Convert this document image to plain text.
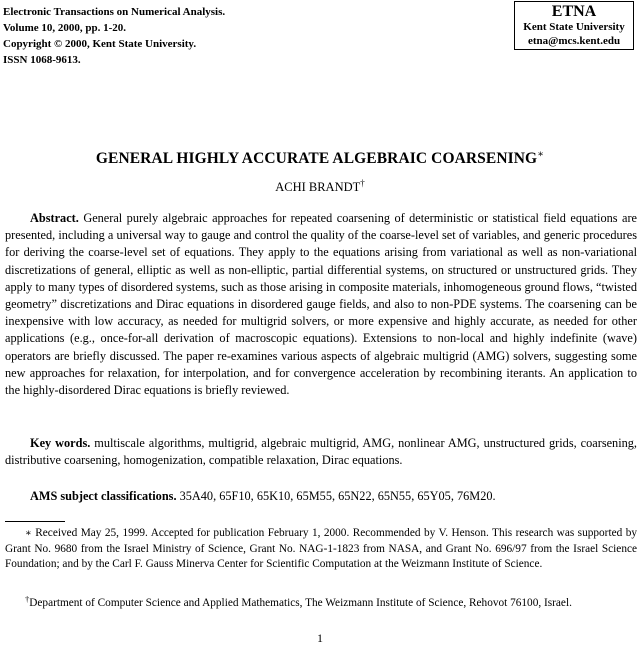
Electronic Transactions on Numerical Analysis.
Volume 10, 2000, pp. 1-20.
Copyright © 2000, Kent State University.
ISSN 1068-9613.
ETNA
Kent State University
etna@mcs.kent.edu
GENERAL HIGHLY ACCURATE ALGEBRAIC COARSENING∗
ACHI BRANDT†

Abstract. General purely algebraic approaches for repeated coarsening of deterministic or statistical field equations are presented, including a universal way to gauge and control the quality of the coarse-level set of variables, and generic procedures for deriving the coarse-level set of equations. They apply to the equations arising from variational as well as non-variational discretizations of general, elliptic as well as non-elliptic, partial differential systems, on structured or unstructured grids. They apply to many types of disordered systems, such as those arising in composite materials, inhomogeneous ground flows, “twisted geometry” discretizations and Dirac equations in disordered gauge fields, and also to non-PDE systems. The coarsening can be inexpensive with low accuracy, as needed for multigrid solvers, or more expensive and highly accurate, as needed for other applications (e.g., once-for-all derivation of macroscopic equations). Extensions to non-local and highly indefinite (wave) operators are briefly discussed. The paper re-examines various aspects of algebraic multigrid (AMG) solvers, suggesting some new approaches for relaxation, for interpolation, and for convergence acceleration by recombining iterants. An application to the highly-disordered Dirac equations is briefly reviewed.

Key words. multiscale algorithms, multigrid, algebraic multigrid, AMG, nonlinear AMG, unstructured grids, coarsening, distributive coarsening, homogenization, compatible relaxation, Dirac equations.

AMS subject classifications. 35A40, 65F10, 65K10, 65M55, 65N22, 65N55, 65Y05, 76M20.

∗ Received May 25, 1999. Accepted for publication February 1, 2000. Recommended by V. Henson. This research was supported by Grant No. 9680 from the Israel Ministry of Science, Grant No. NAG-1-1823 from NASA, and Grant No. 696/97 from the Israel Science Foundation; and by the Carl F. Gauss Minerva Center for Scientific Computation at the Weizmann Institute of Science.

†Department of Computer Science and Applied Mathematics, The Weizmann Institute of Science, Rehovot 76100, Israel.

1
